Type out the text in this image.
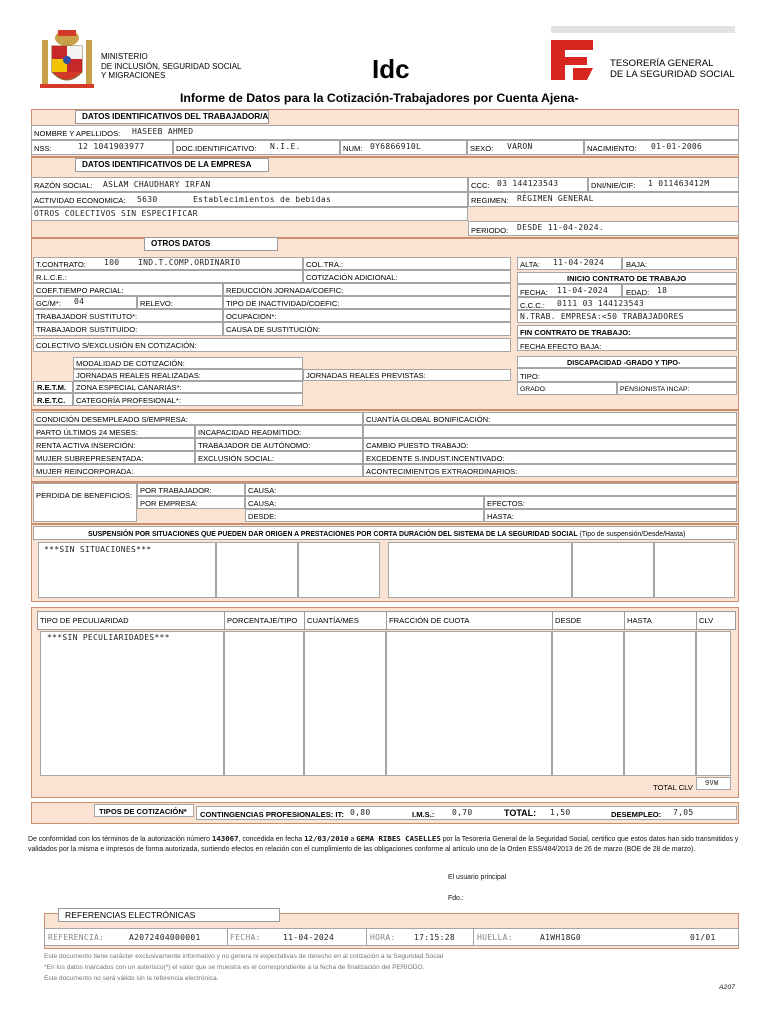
MINISTERIO
DE INCLUSIÓN, SEGURIDAD SOCIAL
Y MIGRACIONES	Idc	TESORERÍA GENERAL
DE LA SEGURIDAD SOCIAL
Informe de Datos para la Cotización-Trabajadores por Cuenta Ajena-
DATOS IDENTIFICATIVOS DEL TRABAJADOR/A
NOMBRE Y APELLIDOS: HASEEB AHMED
NSS:	12 1041903977	DOC.IDENTIFICATIVO: N.I.E.	NUM: 0Y6866910L	SEXO: VARON	NACIMIENTO: 01-01-2006
DATOS IDENTIFICATIVOS DE LA EMPRESA
RAZÓN SOCIAL: ASLAM CHAUDHARY IRFAN	CCC: 03 144123543	DNI/NIE/CIF: 1 011463412M
ACTIVIDAD ECONOMICA: 5630	Establecimientos de bebidas	REGIMEN: RÉGIMEN GENERAL
OTROS COLECTIVOS SIN ESPECIFICAR
PERIODO: DESDE 11-04-2024.
OTROS DATOS
T.CONTRATO: 100 IND.T.COMP.ORDINARIO	COL.TRA.:
R.L.C.E.:	COTIZACIÓN ADICIONAL:
COEF.TIEMPO PARCIAL:	REDUCCIÓN JORNADA/COEFIC:
GC/M*: 04	RELEVO:	TIPO DE INACTIVIDAD/COEFIC:
TRABAJADOR SUSTITUTO*:	OCUPACION*:
TRABAJADOR SUSTITUIDO:	CAUSA DE SUSTITUCIÓN:
COLECTIVO S/EXCLUSIÓN EN COTIZACIÓN:
MODALIDAD DE COTIZACIÓN:
JORNADAS REALES REALIZADAS:	JORNADAS REALES PREVISTAS:
R.E.T.M. ZONA ESPECIAL CANARIAS*:
R.E.T.C. CATEGORÍA PROFESIONAL*:
ALTA: 11-04-2024	BAJA:
INICIO CONTRATO DE TRABAJO
FECHA: 11-04-2024 EDAD: 18
C.C.C.: 0111 03 144123543
N.TRAB. EMPRESA:<50 TRABAJADORES
FIN CONTRATO DE TRABAJO:
FECHA EFECTO BAJA:
DISCAPACIDAD -GRADO Y TIPO-
TIPO:
GRADO:	PENSIONISTA INCAP:
CONDICIÓN DESEMPLEADO S/EMPRESA:	CUANTÍA GLOBAL BONIFICACIÓN:
PARTO ÚLTIMOS 24 MESES:	INCAPACIDAD READMITIDO:
RENTA ACTIVA INSERCIÓN:	TRABAJADOR DE AUTÓNOMO:	CAMBIO PUESTO TRABAJO:
MUJER SUBREPRESENTADA:	EXCLUSIÓN SOCIAL:	EXCEDENTE S.INDUST.INCENTIVADO:
MUJER REINCORPORADA:	ACONTECIMIENTOS EXTRAORDINARIOS:
PERDIDA DE BENEFICIOS:
POR TRABAJADOR:	CAUSA:
POR EMPRESA:	CAUSA:	EFECTOS:
DESDE:	HASTA:
SUSPENSIÓN POR SITUACIONES QUE PUEDEN DAR ORIGEN A PRESTACIONES POR CORTA DURACIÓN DEL SISTEMA DE LA SEGURIDAD SOCIAL (Tipo de suspensión/Desde/Hasta)
***SIN SITUACIONES***
TIPO DE PECULIARIDAD	PORCENTAJE/TIPO CUANTÍA/MES	FRACCIÓN DE CUOTA	DESDE	HASTA	CLV
***SIN PECULIARIDADES***
TOTAL CLV 9VW
TIPOS DE COTIZACIÓN* CONTINGENCIAS PROFESIONALES: IT: 0,80	I.M.S.: 0,70	TOTAL: 1,50	DESEMPLEO: 7,05
De conformidad con los términos de la autorización número 143067, concedida en fecha 12/03/2010 a GEMA RIBES CASELLES por la Tesorería General de la Seguridad Social, certifico que estos datos han sido transmitidos y validados por la misma e impresos de forma autorizada, surtiendo efectos en relación con el cumplimiento de las obligaciones conforme al artículo uno de la Orden ESS/484/2013 de 26 de marzo (BOE de 28 de marzo).
El usuario principal
Fdo.:
REFERENCIAS ELECTRÓNICAS
REFERENCIA:	A2072404000001	FECHA:	11-04-2024	HORA: 17:15:28	HUELLA:	A1WH18G0	01/01
Este documento tiene carácter exclusivamente informativo y no genera ni expectativas de derecho en al cotización a la Seguridad Social
*En los datos marcados con un asterisco(*) el valor que se muestra es el correspondiente a la fecha de finalización del PERIODO.
Este documento no será válido sin la referencia electrónica.
A207
